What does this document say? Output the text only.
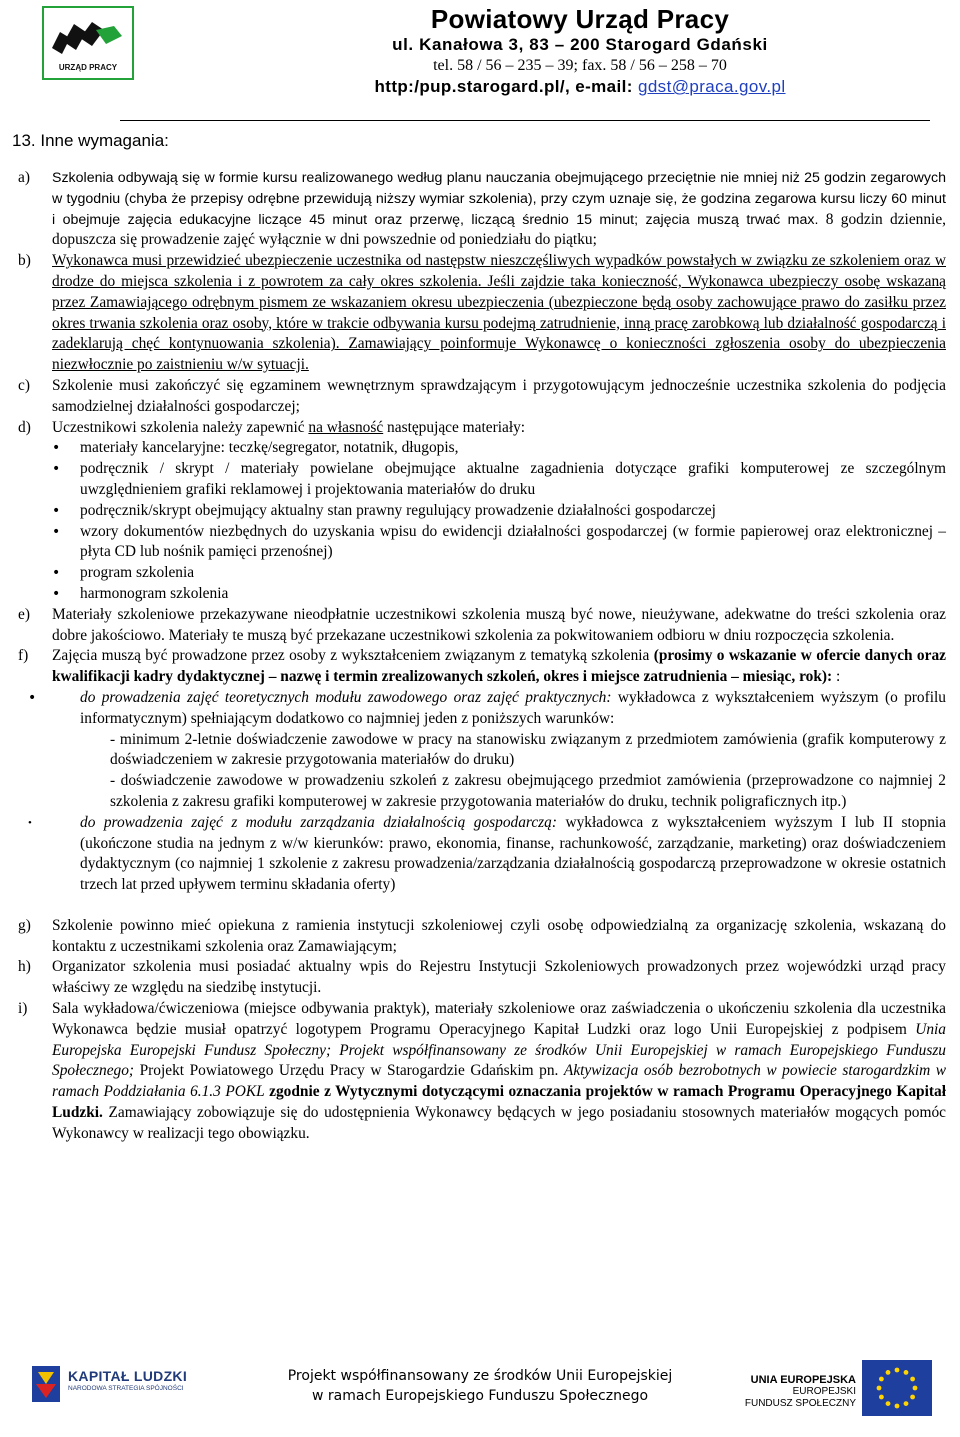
URZĄD PRACY
Powiatowy Urząd Pracy
ul. Kanałowa 3, 83 – 200 Starogard Gdański
tel. 58 / 56 – 235 – 39; fax. 58 / 56 – 258 – 70
http:/pup.starogard.pl/, e-mail: gdst@praca.gov.pl
13. Inne wymagania:

a) Szkolenia odbywają się w formie kursu realizowanego według planu nauczania obejmującego przeciętnie nie mniej niż 25 godzin zegarowych w tygodniu (chyba że przepisy odrębne przewidują niższy wymiar szkolenia), przy czym uznaje się, że godzina zegarowa kursu liczy 60 minut i obejmuje zajęcia edukacyjne liczące 45 minut oraz przerwę, liczącą średnio 15 minut; zajęcia muszą trwać max. 8 godzin dziennie, dopuszcza się prowadzenie zajęć wyłącznie w dni powszednie od poniedziału do piątku;

b) Wykonawca musi przewidzieć ubezpieczenie uczestnika od następstw nieszczęśliwych wypadków powstałych w związku ze szkoleniem oraz w drodze do miejsca szkolenia i z powrotem za cały okres szkolenia. Jeśli zajdzie taka konieczność, Wykonawca ubezpieczy osobę wskazaną przez Zamawiającego odrębnym pismem ze wskazaniem okresu ubezpieczenia (ubezpieczone będą osoby zachowujące prawo do zasiłku przez okres trwania szkolenia oraz osoby, które w trakcie odbywania kursu podejmą zatrudnienie, inną pracę zarobkową lub działalność gospodarczą i zadeklarują chęć kontynuowania szkolenia). Zamawiający poinformuje Wykonawcę o konieczności zgłoszenia osoby do ubezpieczenia niezwłocznie po zaistnieniu w/w sytuacji.

c) Szkolenie musi zakończyć się egzaminem wewnętrznym sprawdzającym i przygotowującym jednocześnie uczestnika szkolenia do podjęcia samodzielnej działalności gospodarczej;

d) Uczestnikowi szkolenia należy zapewnić na własność następujące materiały:

• materiały kancelaryjne: teczkę/segregator, notatnik, długopis,

• podręcznik / skrypt / materiały powielane obejmujące aktualne zagadnienia dotyczące grafiki komputerowej ze szczególnym uwzględnieniem grafiki reklamowej i projektowania materiałów do druku

• podręcznik/skrypt obejmujący aktualny stan prawny regulujący prowadzenie działalności gospodarczej

• wzory dokumentów niezbędnych do uzyskania wpisu do ewidencji działalności gospodarczej (w formie papierowej oraz elektronicznej – płyta CD lub nośnik pamięci przenośnej)

• program szkolenia

• harmonogram szkolenia

e) Materiały szkoleniowe przekazywane nieodpłatnie uczestnikowi szkolenia muszą być nowe, nieużywane, adekwatne do treści szkolenia oraz dobre jakościowo. Materiały te muszą być przekazane uczestnikowi szkolenia za pokwitowaniem odbioru w dniu rozpoczęcia szkolenia.

f) Zajęcia muszą być prowadzone przez osoby z wykształceniem związanym z tematyką szkolenia (prosimy o wskazanie w ofercie danych oraz kwalifikacji kadry dydaktycznej – nazwę i termin zrealizowanych szkoleń, okres i miejsce zatrudnienia – miesiąc, rok): :

• do prowadzenia zajęć teoretycznych modułu zawodowego oraz zajęć praktycznych: wykładowca z wykształceniem wyższym (o profilu informatycznym) spełniającym dodatkowo co najmniej jeden z poniższych warunków:

- minimum 2-letnie doświadczenie zawodowe w pracy na stanowisku związanym z przedmiotem zamówienia (grafik komputerowy z doświadczeniem w zakresie przygotowania materiałów do druku)

- doświadczenie zawodowe w prowadzeniu szkoleń z zakresu obejmującego przedmiot zamówienia (przeprowadzone co najmniej 2 szkolenia z zakresu grafiki komputerowej w zakresie przygotowania materiałów do druku, technik poligraficznych itp.)

• do prowadzenia zajęć z modułu zarządzania działalnością gospodarczą: wykładowca z wykształceniem wyższym I lub II stopnia (ukończone studia na jednym z w/w kierunków: prawo, ekonomia, finanse, rachunkowość, zarządzanie, marketing) oraz doświadczeniem dydaktycznym (co najmniej 1 szkolenie z zakresu prowadzenia/zarządzania działalnością gospodarczą przeprowadzone w okresie ostatnich trzech lat przed upływem terminu składania oferty)

g) Szkolenie powinno mieć opiekuna z ramienia instytucji szkoleniowej czyli osobę odpowiedzialną za organizację szkolenia, wskazaną do kontaktu z uczestnikami szkolenia oraz Zamawiającym;

h) Organizator szkolenia musi posiadać aktualny wpis do Rejestru Instytucji Szkoleniowych prowadzonych przez wojewódzki urząd pracy właściwy ze względu na siedzibę instytucji.

i) Sala wykładowa/ćwiczeniowa (miejsce odbywania praktyk), materiały szkoleniowe oraz zaświadczenia o ukończeniu szkolenia dla uczestnika Wykonawca będzie musiał opatrzyć logotypem Programu Operacyjnego Kapitał Ludzki oraz logo Unii Europejskiej z podpisem Unia Europejska Europejski Fundusz Społeczny; Projekt współfinansowany ze środków Unii Europejskiej w ramach Europejskiego Funduszu Społecznego; Projekt Powiatowego Urzędu Pracy w Starogardzie Gdańskim pn. Aktywizacja osób bezrobotnych w powiecie starogardzkim w ramach Poddziałania 6.1.3 POKL zgodnie z Wytycznymi dotyczącymi oznaczania projektów w ramach Programu Operacyjnego Kapitał Ludzki. Zamawiający zobowiązuje się do udostępnienia Wykonawcy będących w jego posiadaniu stosownych materiałów mogących pomóc Wykonawcy w realizacji tego obowiązku.

KAPITAŁ LUDZKI
NARODOWA STRATEGIA SPÓJNOŚCI
Projekt współfinansowany ze środków Unii Europejskiej
w ramach Europejskiego Funduszu Społecznego
UNIA EUROPEJSKA
EUROPEJSKI
FUNDUSZ SPOŁECZNY
